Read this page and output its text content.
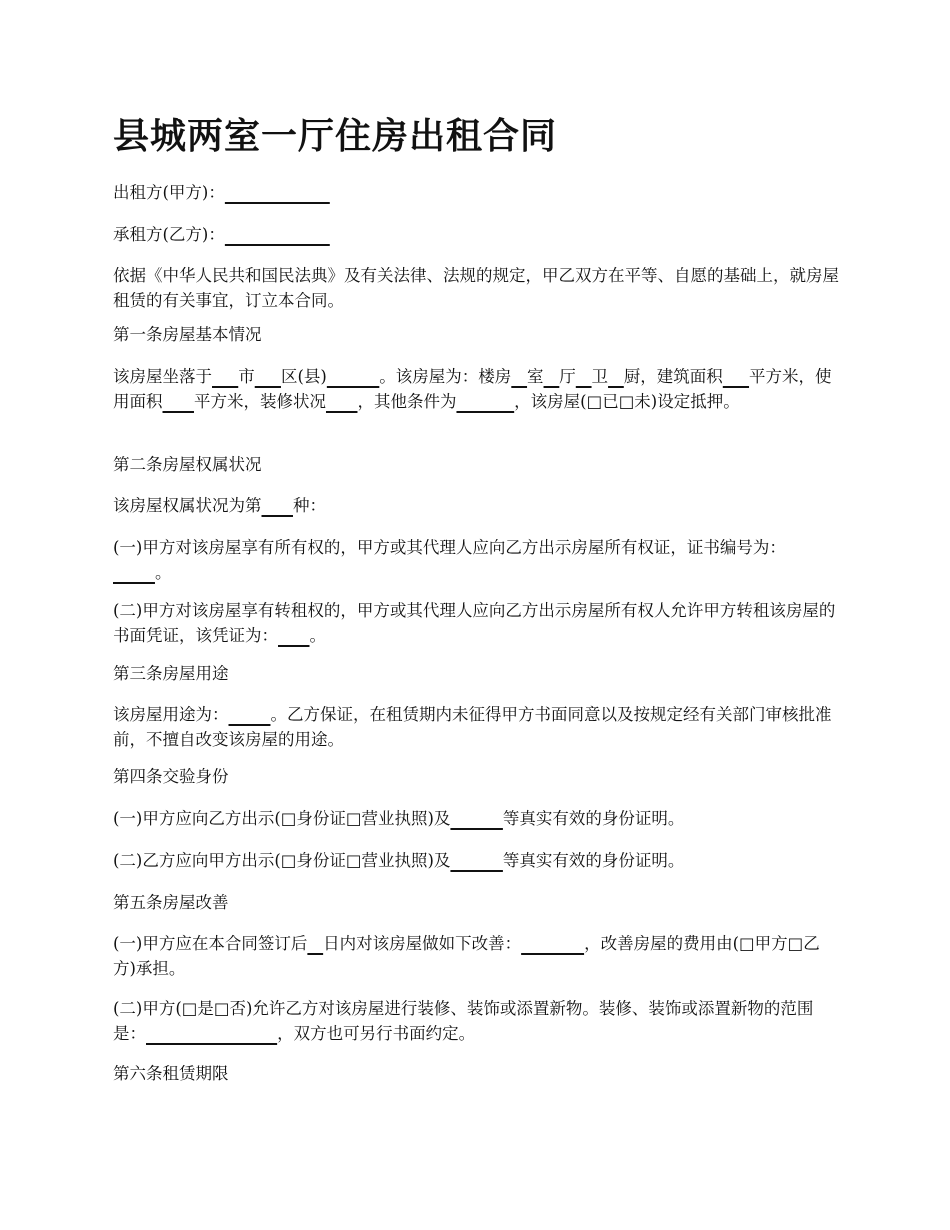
县城两室一厅住房出租合同

出租方(甲方)：

承租方(乙方)：

依据《中华人民共和国民法典》及有关法律、法规的规定，甲乙双方在平等、自愿的基础上，就房屋租赁的有关事宜，订立本合同。

第一条房屋基本情况

该房屋坐落于 市 区(县)	。该房屋为：楼房 室 厅 卫 厨，建筑面积 平方米，使用面积 平方米，装修状况 ，其他条件为	，该房屋(□已□未)设定抵押。

第二条房屋权属状况

该房屋权属状况为第 种：

(一)甲方对该房屋享有所有权的，甲方或其代理人应向乙方出示房屋所有权证，证书编号为：        。

(二)甲方对该房屋享有转租权的，甲方或其代理人应向乙方出示房屋所有权人允许甲方转租该房屋的书面凭证，该凭证为： 。

第三条房屋用途

该房屋用途为：	。乙方保证，在租赁期内未征得甲方书面同意以及按规定经有关部门审核批准前，不擅自改变该房屋的用途。

第四条交验身份

(一)甲方应向乙方出示(□身份证□营业执照)及	等真实有效的身份证明。

(二)乙方应向甲方出示(□身份证□营业执照)及	等真实有效的身份证明。

第五条房屋改善

(一)甲方应在本合同签订后 日内对该房屋做如下改善：	，改善房屋的费用由(□甲方□乙方)承担。

(二)甲方(□是□否)允许乙方对该房屋进行装修、装饰或添置新物。装修、装饰或添置新物的范围是：	，双方也可另行书面约定。

第六条租赁期限
